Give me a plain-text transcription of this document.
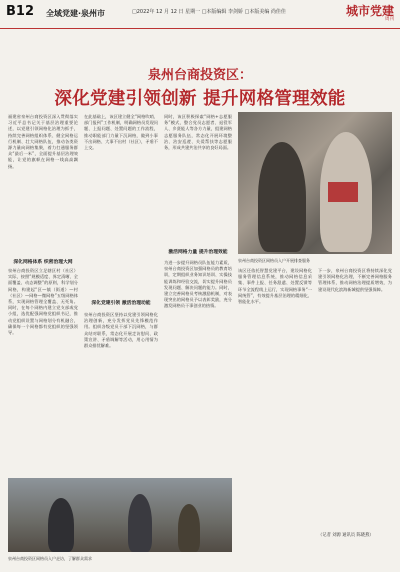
B12 全域党建·泉州市	□2022年 12 月 12 日 星期一 □本版编辑 李剑娇 □本版美编 尚佳佳	城市党建
周刊
泉州台商投资区：
深化党建引领创新 提升网格管理效能
福建省泉州台商投资区深入贯彻落实习近平总书记关于基层治理重要论述，以党建引领网格化治理为抓手，持续完善网格组织体系、健全网格运行机制、壮大网格队伍，推动各类资源力量向网格集聚，着力打通服务群众“最后一米”，全面提升基层治理效能，让党的旗帜在网格一线高高飘扬。
深化网格体系 织密治理大网
泉州台商投资区立足辖区村（社区）实际，按照“规模适度、界定清晰、全面覆盖、动态调整”的原则，科学划分网格，构建起“区—镇（街道）—村（社区）—网格—微网格”五级网格体系，实现网格管理全覆盖、无死角。同时，在每个网格内建立党支部或党小组，选优配强网格党组织书记，推动党组织设置与网格划分有机融合，确保每一个网格都有党组织的坚强领导。
在此基础上，该区建立健全“网格吹哨、部门报到”工作机制，明确网格员发现问题、上报问题、处置问题的工作流程，推动职能部门力量下沉网格，做到小事不出网格、大事不出村（社区），矛盾不上交。
深化党建引领 激活治理动能
泉州台商投资区坚持以党建引领网格化治理创新，充分发挥党员先锋模范作用。组织各级党员干部下沉网格，与群众结对联系，常态化开展走访慰问、政策宣讲、矛盾调解等活动，用心用情为群众排忧解难。
同时，该区积极探索“网格+志愿服务”模式，整合党员志愿者、退役军人、乡贤能人等各方力量，组建网格志愿服务队伍，常态化开展环境整治、治安巡逻、关爱帮扶等志愿服务，形成共建共治共享的良好局面。
激活网格力量 提升治理效能
为进一步提升网格员队伍能力素质，泉州台商投资区加强网格员的教育培训，定期组织业务知识培训、实操技能训练和经验交流，切实提升网格员发现问题、解决问题的能力。同时，建立完善网格员考核激励机制，对表现突出的网格员予以表彰奖励，充分激发网格员干事创业的热情。
泉州台商投资区网格员入户开展排查服务
该区还依托智慧党建平台，建设网格化服务管理信息系统，推动网格信息采集、事件上报、任务派遣、处置反馈等环节全流程线上运行，实现网格事务“一网统管”，有效提升基层治理的精细化、智能化水平。
下一步，泉州台商投资区将持续深化党建引领网格化治理，不断完善网格服务管理体系，推动网格治理提质增效，为建设现代化滨海新城提供坚强保障。
（记者 刘源 通讯员 陈晓燕）
泉州台商投资区网格员入户走访，了解群众需求
